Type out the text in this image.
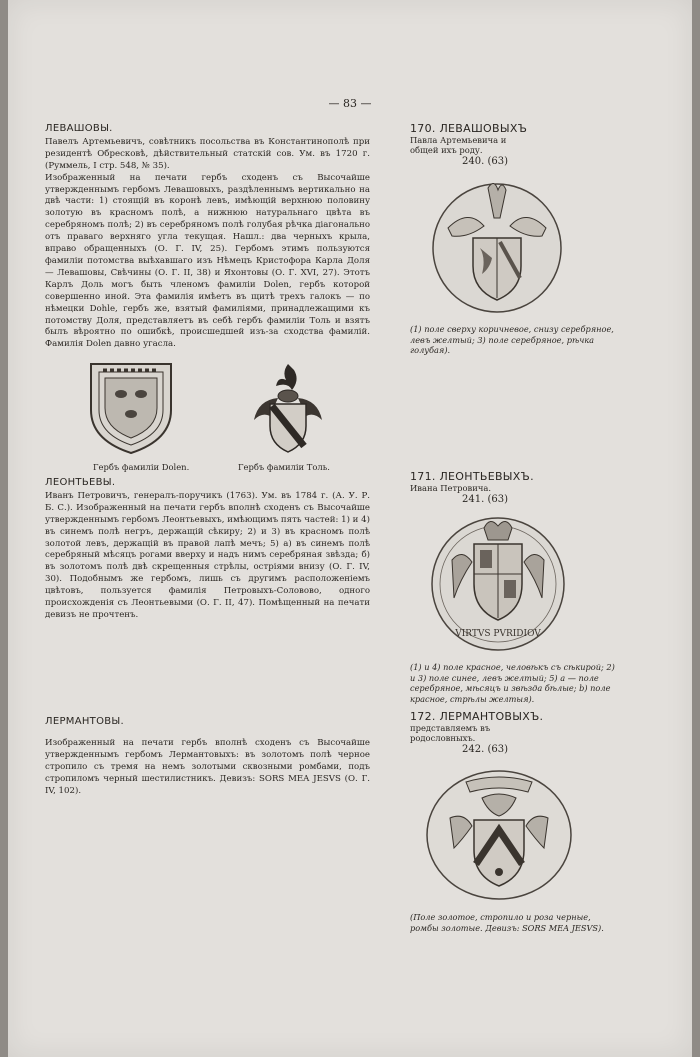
— 83 —
ЛЕВАШОВЫ.

Павелъ Артемьевичъ, совѣтникъ посольства въ Константинополѣ при резидентѣ Обресковѣ, дѣйствительный статскій сов. Ум. въ 1720 г. (Руммель, I стр. 548, № 35).

Изображенный на печати гербъ сходенъ съ Высочайше утвержденнымъ гербомъ Левашовыхъ, раздѣленнымъ вертикально на двѣ части: 1) стоящій въ коронѣ левъ, имѣющій верхнюю половину золотую въ красномъ полѣ, а нижнюю натуральнаго цвѣта въ серебряномъ полѣ; 2) въ серебряномъ полѣ голубая рѣчка діагонально отъ праваго верхняго угла текущая. Нашл.: два черныхъ крыла, вправо обращенныхъ (О. Г. IV, 25). Гербомъ этимъ пользуются фамиліи потомства выѣхавшаго изъ Нѣмецъ Кристофора Карла Доля — Левашовы, Свѣчины (О. Г. II, 38) и Яхонтовы (О. Г. XVI, 27). Этотъ Карлъ Доль могъ быть членомъ фамиліи Dolen, гербъ которой совершенно иной. Эта фамилія имѣетъ въ щитѣ трехъ галокъ — по нѣмецки Dohle, гербъ же, взятый фамиліями, принадлежащими къ потомству Доля, представляетъ въ себѣ гербъ фамиліи Толь и взятъ былъ вѣроятно по ошибкѣ, происшедшей изъ-за сходства фамилій. Фамилія Dolen давно угасла.

Гербъ фамиліи Dolen.	Гербъ фамиліи Толь.
ЛЕОНТЬЕВЫ.

Иванъ Петровичъ, генералъ-поручикъ (1763). Ум. въ 1784 г. (А. У. Р. Б. С.). Изображенный на печати гербъ вполнѣ сходенъ съ Высочайше утвержденнымъ гербомъ Леонтьевыхъ, имѣющимъ пять частей: 1) и 4) въ синемъ полѣ негръ, держащій сѣкиру; 2) и 3) въ красномъ полѣ золотой левъ, держащій въ правой лапѣ мечъ; 5) а) въ синемъ полѣ серебряный мѣсяцъ рогами вверху и надъ нимъ серебряная звѣзда; б) въ золотомъ полѣ двѣ скрещенныя стрѣлы, остріями внизу (О. Г. IV, 30). Подобнымъ же гербомъ, лишь съ другимъ расположеніемъ цвѣтовъ, пользуется фамилія Петровыхъ-Соловово, одного происхожденія съ Леонтьевыми (О. Г. II, 47). Помѣщенный на печати девизъ не прочтенъ.

ЛЕРМАНТОВЫ.

Изображенный на печати гербъ вполнѣ сходенъ съ Высочайше утвержденнымъ гербомъ Лермантовыхъ: въ золотомъ полѣ черное стропило съ тремя на немъ золотыми сквозными ромбами, подъ стропиломъ черный шестилистникъ. Девизъ: SORS MEA JESVS (О. Г. IV, 102).

170. ЛЕВАШОВЫХЪ
Павла Артемьевича и общей ихъ роду.
240. (63)
(1) поле сверху коричневое, снизу серебряное, левъ желтый; 3) поле серебряное, рѣчка голубая).
171. ЛЕОНТЬЕВЫХЪ.
Ивана Петровича.
241. (63)
VIRTVS PVRIDIOV
(1) и 4) поле красное, человѣкъ съ сѣкирой; 2) и 3) поле синее, левъ желтый; 5) а — поле серебряное, мѣсяцъ и звѣзда бѣлые; b) поле красное, стрѣлы желтыя).
172. ЛЕРМАНТОВЫХЪ.
представляемъ въ родословныхъ.
242. (63)
(Поле золотое, стропило и роза черные, ромбы золотые. Девизъ: SORS MEA JESVS).
